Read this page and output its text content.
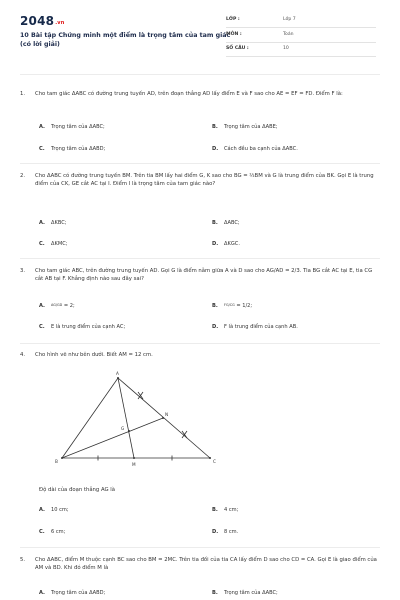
2048.vn
10 Bài tập Chứng minh một điểm là trọng tâm của tam giác (có lời giải)
LỚP :	Lớp 7
MÔN :	Toán
SỐ CÂU :	10
1. Cho tam giác ΔABC có đường trung tuyến AD, trên đoạn thẳng AD lấy điểm E và F sao cho AE = EF = FD. Điểm F là:
A. Trọng tâm của ΔABC;	B. Trọng tâm của ΔABE;
C. Trọng tâm của ΔABD;	D. Cách đều ba cạnh của ΔABC.
2. Cho ΔABC có đường trung tuyến BM. Trên tia BM lấy hai điểm G, K sao cho BG = ⅔BM và G là trung điểm của BK. Gọi E là trung điểm của CK, GE cắt AC tại I. Điểm I là trọng tâm của tam giác nào?
A. ΔKBC;	B. ΔABC;
C. ΔKMC;	D. ΔKGC.
3. Cho tam giác ABC, trên đường trung tuyến AD. Gọi G là điểm nằm giữa A và D sao cho AG/AD = 2/3. Tia BG cắt AC tại E, tia CG cắt AB tại F. Khẳng định nào sau đây sai?
A. AG/GD = 2;	B. FG/CG = 1/2;
C. E là trung điểm của cạnh AC;	D. F là trung điểm của cạnh AB.
4. Cho hình vẽ như bên dưới. Biết AM = 12 cm.
A
B	C
M
N
G
Độ dài của đoạn thẳng AG là
A. 10 cm;	B. 4 cm;
C. 6 cm;	D. 8 cm.
5. Cho ΔABC, điểm M thuộc cạnh BC sao cho BM = 2MC. Trên tia đối của tia CA lấy điểm D sao cho CD = CA. Gọi E là giao điểm của AM và BD. Khi đó điểm M là
A. Trọng tâm của ΔABD;	B. Trọng tâm của ΔABC;
